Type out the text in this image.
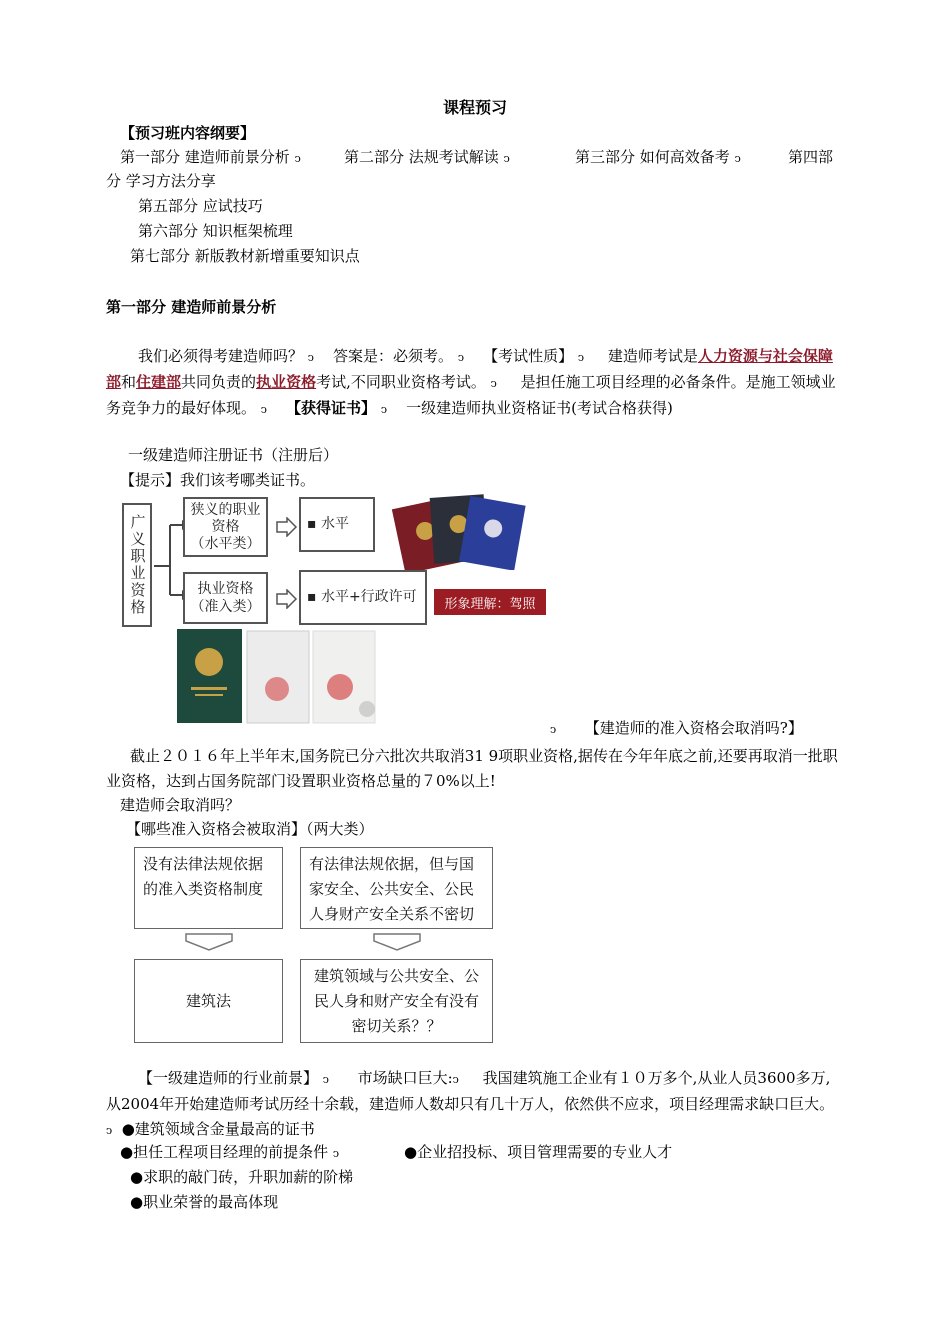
课程预习
【预习班内容纲要】
第一部分 建造师前景分析 ↄ	第二部分 法规考试解读 ↄ	第三部分 如何高效备考 ↄ	第四部
分 学习方法分享
第五部分 应试技巧
第六部分 知识框架梳理
第七部分 新版教材新增重要知识点
第一部分 建造师前景分析
我们必须得考建造师吗？ ↄ 答案是：必须考。 ↄ 【考试性质】 ↄ 建造师考试是人力资源与社会保障部和住建部共同负责的执业资格考试,不同职业资格考试。 ↄ 是担任施工项目经理的必备条件。是施工领域业务竞争力的最好体现。 ↄ 【获得证书】 ↄ 一级建造师执业资格证书(考试合格获得)
一级建造师注册证书（注册后）
【提示】我们该考哪类证书。
广义职业资格
狭义的职业
资格
（水平类）
执业资格
（准入类）
▪ 水平
▪ 水平+行政许可	形象理解：驾照
ↄ 【建造师的准入资格会取消吗?】
截止２０１６年上半年末,国务院已分六批次共取消31 9项职业资格,据传在今年年底之前,还要再取消一批职业资格，达到占国务院部门设置职业资格总量的７0%以上!
建造师会取消吗？
【哪些准入资格会被取消】（两大类）
没有法律法规依据的准入类资格制度
有法律法规依据，但与国家安全、公共安全、公民人身财产安全关系不密切
建筑法
建筑领域与公共安全、公民人身和财产安全有没有密切关系？？
【一级建造师的行业前景】 ↄ 市场缺口巨大:ↄ 我国建筑施工企业有１０万多个,从业人员3600多万,从2004年开始建造师考试历经十余载，建造师人数却只有几十万人，依然供不应求，项目经理需求缺口巨大。 ↄ ●建筑领域含金量最高的证书
●担任工程项目经理的前提条件 ↄ	●企业招投标、项目管理需要的专业人才
●求职的敲门砖，升职加薪的阶梯
●职业荣誉的最高体现
